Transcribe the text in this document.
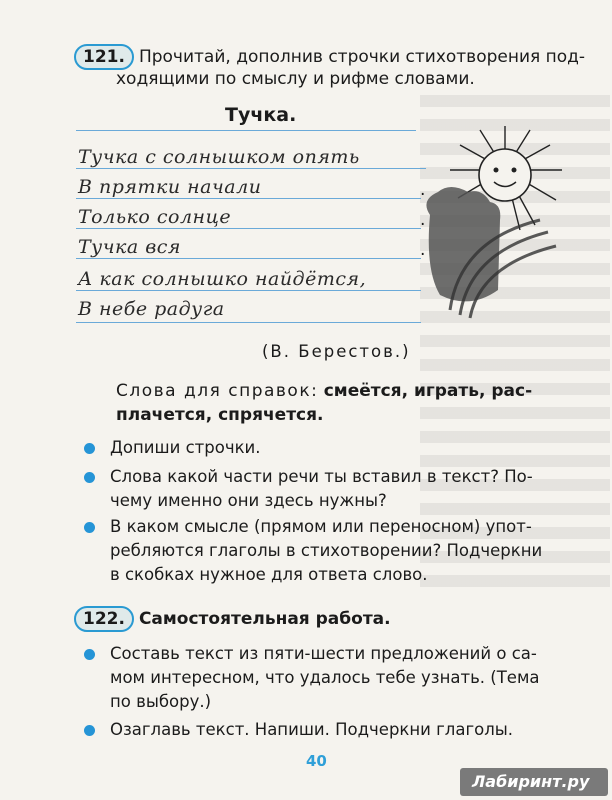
121. Прочитай, дополнив строчки стихотворения под-
ходящими по смыслу и рифме словами.
Тучка.
Тучка с солнышком опять
В прятки начали	.
Только солнце	.
Тучка вся	.
А как солнышко найдётся,
В небе радуга
(В. Берестов.)
Слова для справок: смеётся, играть, рас-
плачется, спрячется.
Допиши строчки.
Слова какой части речи ты вставил в текст? По-
чему именно они здесь нужны?
В каком смысле (прямом или переносном) упот-
ребляются глаголы в стихотворении? Подчеркни
в скобках нужное для ответа слово.
122. Самостоятельная работа.
Составь текст из пяти-шести предложений о са-
мом интересном, что удалось тебе узнать. (Тема
по выбору.)
Озаглавь текст. Напиши. Подчеркни глаголы.
40
Лабиринт.ру
